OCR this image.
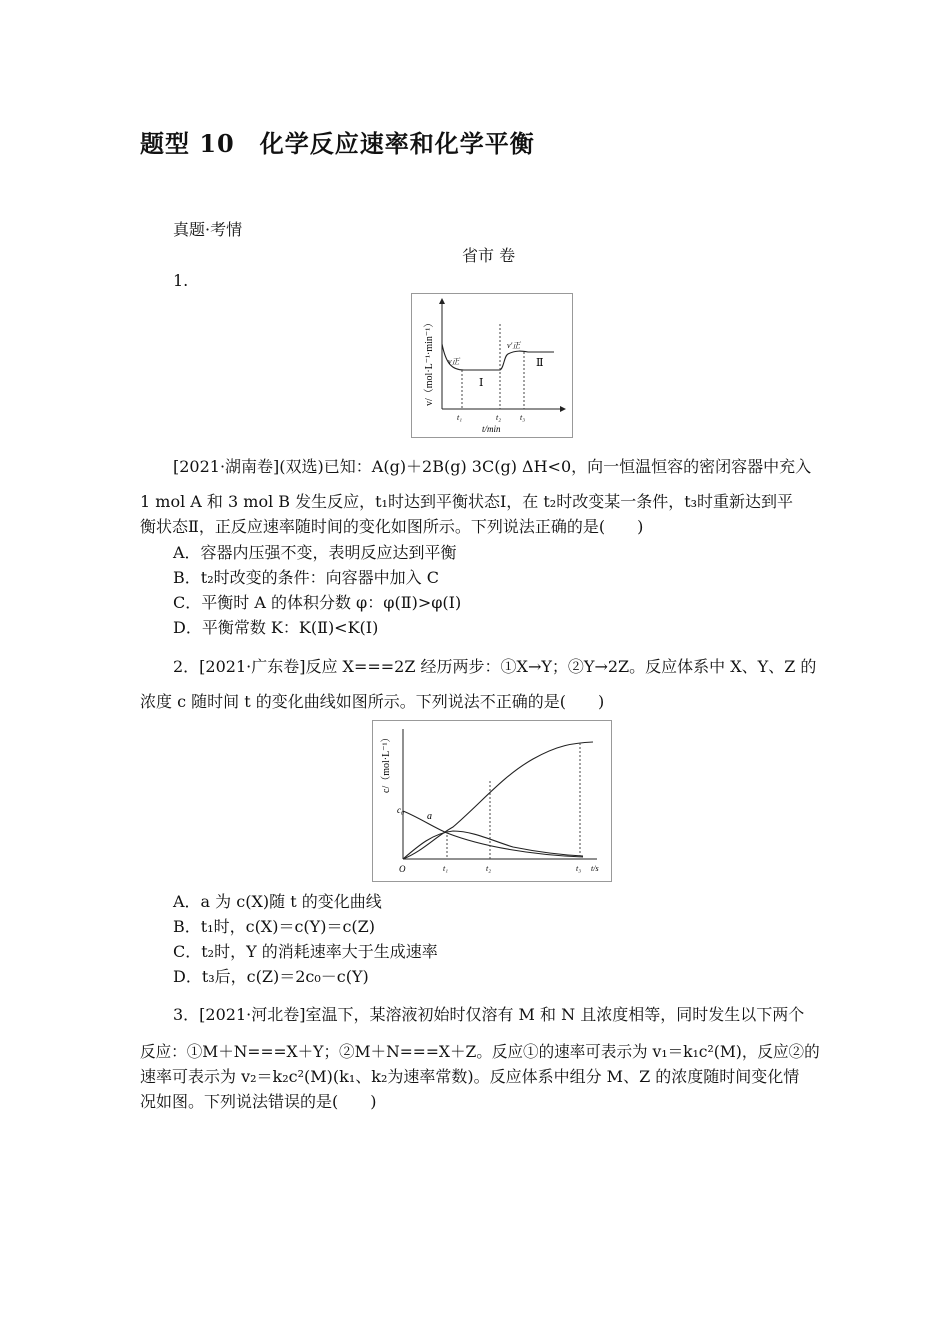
题型 10　化学反应速率和化学平衡
真题·考情
省市 卷
1.
v/（mol·L⁻¹·min⁻¹） v正
v'正
Ⅰ
Ⅱ
t₁	t₂ t₃
t/min
[2021·湖南卷](双选)已知：A(g)＋2B(g) 3C(g) ΔH<0，向一恒温恒容的密闭容器中充入
1 mol A 和 3 mol B 发生反应，t₁时达到平衡状态Ⅰ，在 t₂时改变某一条件，t₃时重新达到平
衡状态Ⅱ，正反应速率随时间的变化如图所示。下列说法正确的是(　　)
A．容器内压强不变，表明反应达到平衡
B．t₂时改变的条件：向容器中加入 C
C．平衡时 A 的体积分数 φ：φ(Ⅱ)>φ(Ⅰ)
D．平衡常数 K：K(Ⅱ)<K(Ⅰ)
2．[2021·广东卷]反应 X===2Z 经历两步：①X→Y；②Y→2Z。反应体系中 X、Y、Z 的
浓度 c 随时间 t 的变化曲线如图所示。下列说法不正确的是(　　)
c/（mol·L⁻¹）
c₀
a
O	t₁	t₂	t₃ t/s
A．a 为 c(X)随 t 的变化曲线
B．t₁时，c(X)＝c(Y)＝c(Z)
C．t₂时，Y 的消耗速率大于生成速率
D．t₃后，c(Z)＝2c₀－c(Y)
3．[2021·河北卷]室温下，某溶液初始时仅溶有 M 和 N 且浓度相等，同时发生以下两个
反应：①M＋N===X＋Y；②M＋N===X＋Z。反应①的速率可表示为 v₁＝k₁c²(M)，反应②的
速率可表示为 v₂＝k₂c²(M)(k₁、k₂为速率常数)。反应体系中组分 M、Z 的浓度随时间变化情
况如图。下列说法错误的是(　　)
